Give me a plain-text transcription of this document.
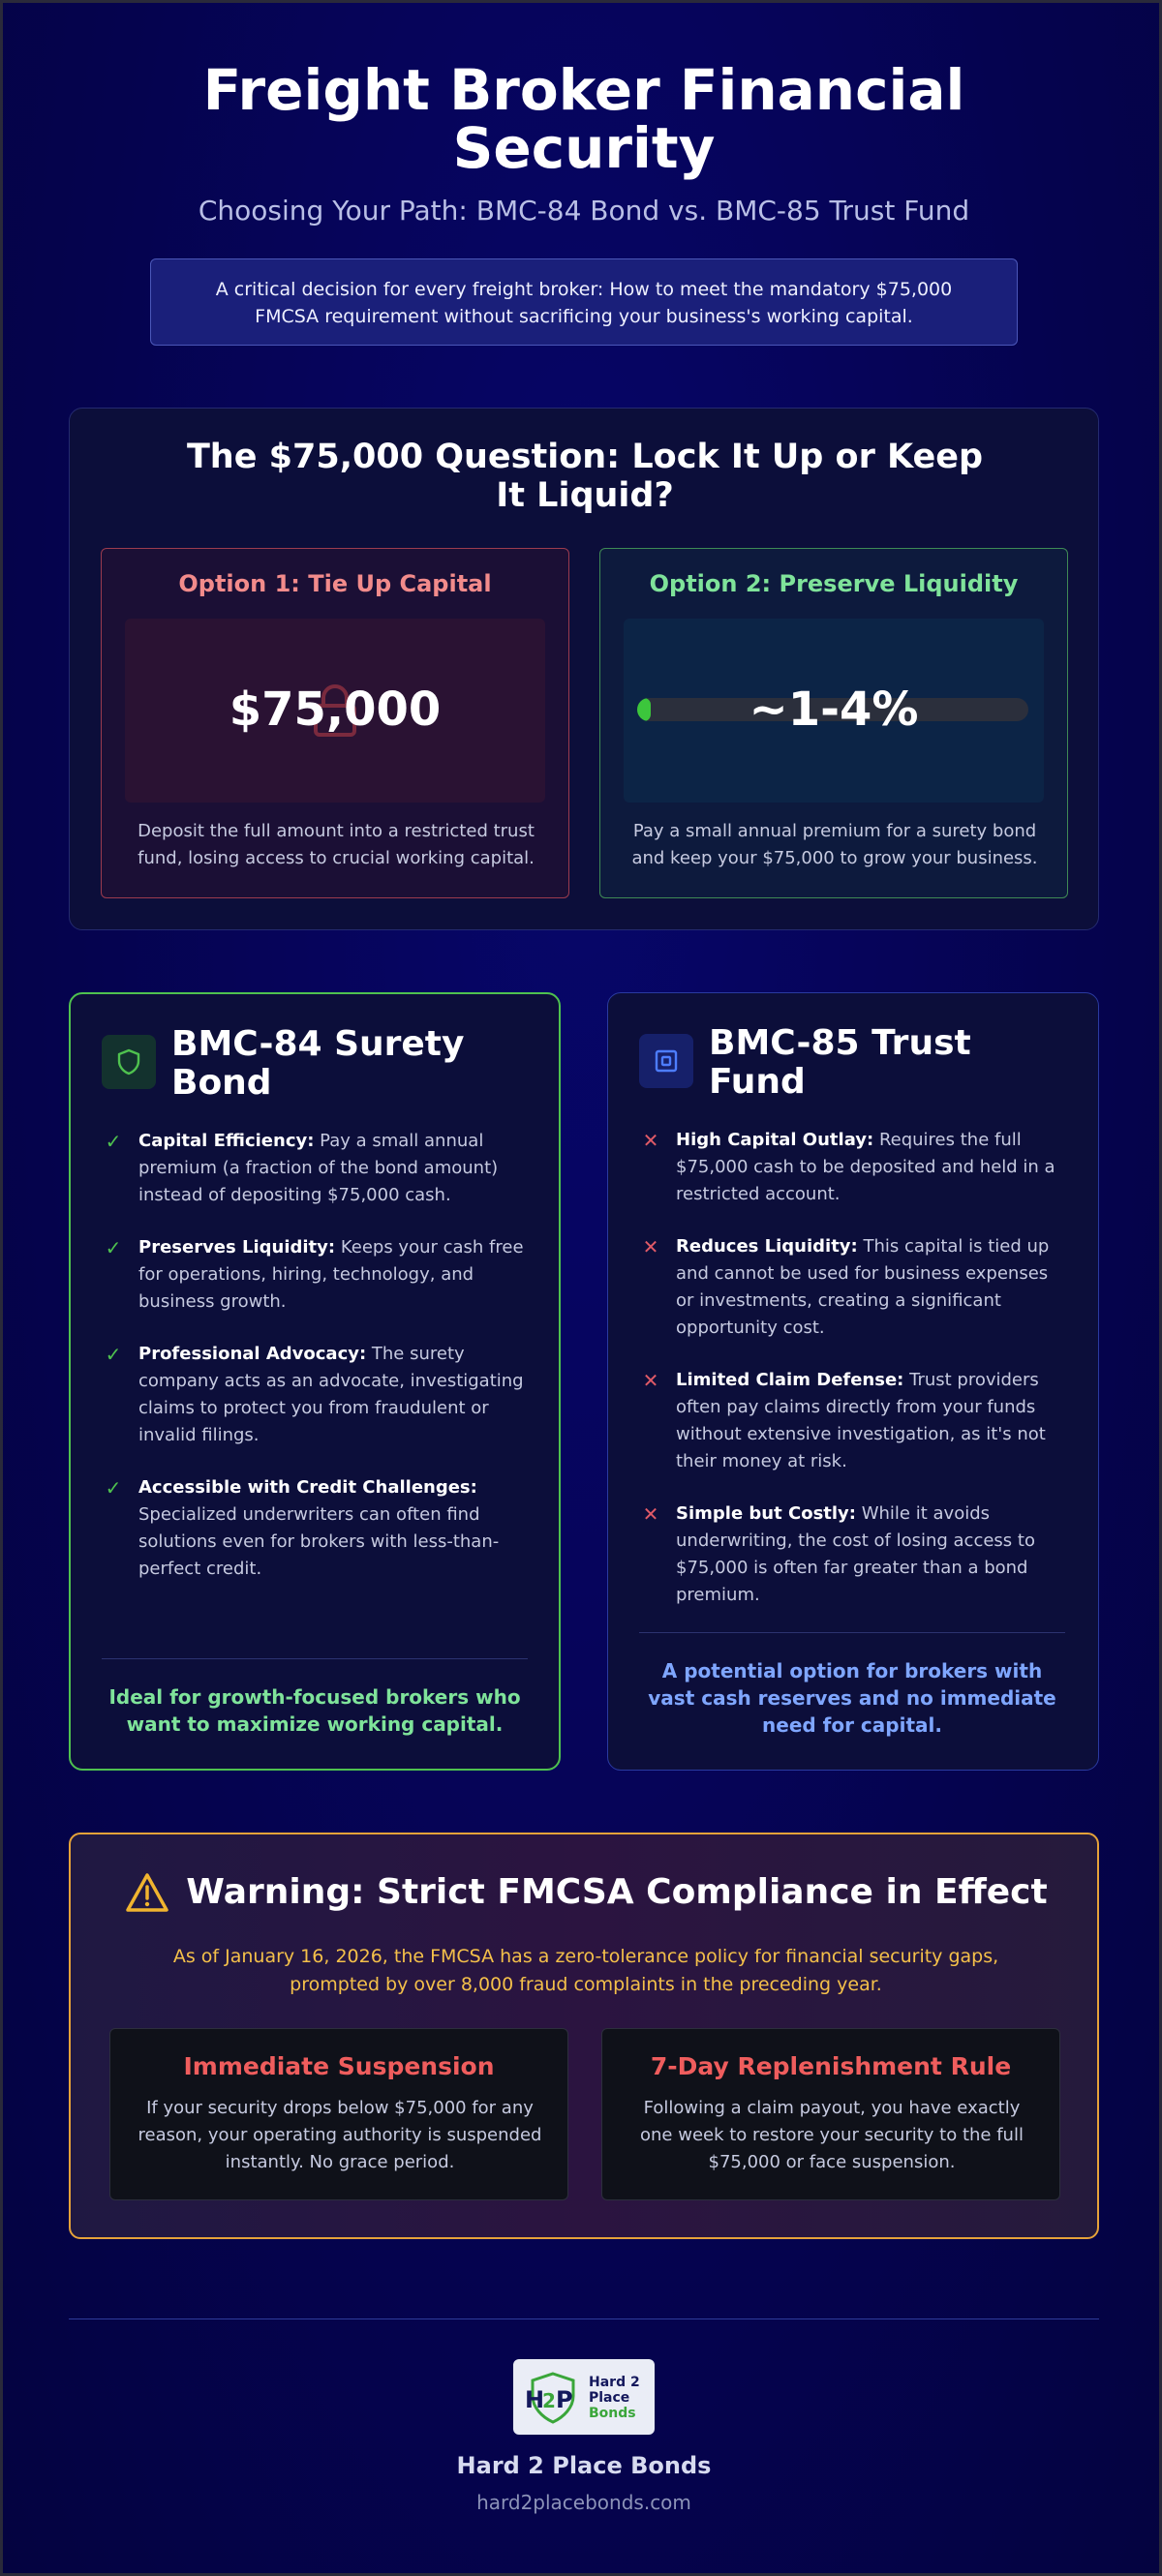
Freight Broker Financial Security
Choosing Your Path: BMC-84 Bond vs. BMC-85 Trust Fund
A critical decision for every freight broker: How to meet the mandatory $75,000 FMCSA requirement without sacrificing your business's working capital.
The $75,000 Question: Lock It Up or Keep It Liquid?
Option 1: Tie Up Capital
$75,000
Deposit the full amount into a restricted trust fund, losing access to crucial working capital.
Option 2: Preserve Liquidity
~1-4%
Pay a small annual premium for a surety bond and keep your $75,000 to grow your business.
BMC-84 Surety Bond
✓ Capital Efficiency: Pay a small annual premium (a fraction of the bond amount) instead of depositing $75,000 cash.
✓ Preserves Liquidity: Keeps your cash free for operations, hiring, technology, and business growth.
✓ Professional Advocacy: The surety company acts as an advocate, investigating claims to protect you from fraudulent or invalid filings.
✓ Accessible with Credit Challenges: Specialized underwriters can often find solutions even for brokers with less-than-perfect credit.
Ideal for growth-focused brokers who want to maximize working capital.
BMC-85 Trust Fund
✕ High Capital Outlay: Requires the full $75,000 cash to be deposited and held in a restricted account.
✕ Reduces Liquidity: This capital is tied up and cannot be used for business expenses or investments, creating a significant opportunity cost.
✕ Limited Claim Defense: Trust providers often pay claims directly from your funds without extensive investigation, as it's not their money at risk.
✕ Simple but Costly: While it avoids underwriting, the cost of losing access to $75,000 is often far greater than a bond premium.
A potential option for brokers with vast cash reserves and no immediate need for capital.
Warning: Strict FMCSA Compliance in Effect
As of January 16, 2026, the FMCSA has a zero-tolerance policy for financial security gaps, prompted by over 8,000 fraud complaints in the preceding year.
Immediate Suspension
If your security drops below $75,000 for any reason, your operating authority is suspended instantly. No grace period.
7-Day Replenishment Rule
Following a claim payout, you have exactly one week to restore your security to the full $75,000 or face suspension.
H
2 P
Hard 2
Place
Bonds
Hard 2 Place Bonds
hard2placebonds.com
